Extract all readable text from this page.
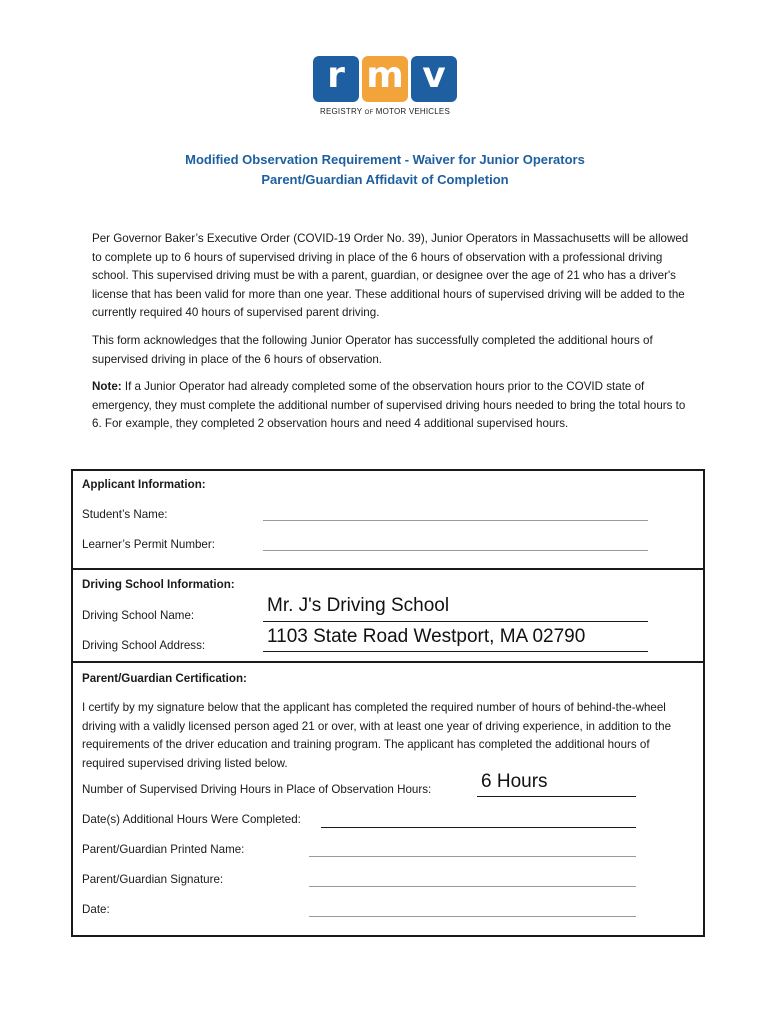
r m v
REGISTRY OF MOTOR VEHICLES
Modified Observation Requirement - Waiver for Junior Operators
Parent/Guardian Affidavit of Completion
Per Governor Baker’s Executive Order (COVID-19 Order No. 39), Junior Operators in Massachusetts will be allowed to complete up to 6 hours of supervised driving in place of the 6 hours of observation with a professional driving school. This supervised driving must be with a parent, guardian, or designee over the age of 21 who has a driver's license that has been valid for more than one year. These additional hours of supervised driving will be added to the currently required 40 hours of supervised parent driving.
This form acknowledges that the following Junior Operator has successfully completed the additional hours of supervised driving in place of the 6 hours of observation.
Note: If a Junior Operator had already completed some of the observation hours prior to the COVID state of emergency, they must complete the additional number of supervised driving hours needed to bring the total hours to 6. For example, they completed 2 observation hours and need 4 additional supervised hours.
Applicant Information:
Student’s Name:
Learner’s Permit Number:
Driving School Information:
Driving School Name:	Mr. J's Driving School
Driving School Address:	1103 State Road Westport, MA 02790
Parent/Guardian Certification:
I certify by my signature below that the applicant has completed the required number of hours of behind-the-wheel driving with a validly licensed person aged 21 or over, with at least one year of driving experience, in addition to the requirements of the driver education and training program. The applicant has completed the additional hours of required supervised driving listed below.
Number of Supervised Driving Hours in Place of Observation Hours:	6 Hours
Date(s) Additional Hours Were Completed:
Parent/Guardian Printed Name:
Parent/Guardian Signature:
Date:
